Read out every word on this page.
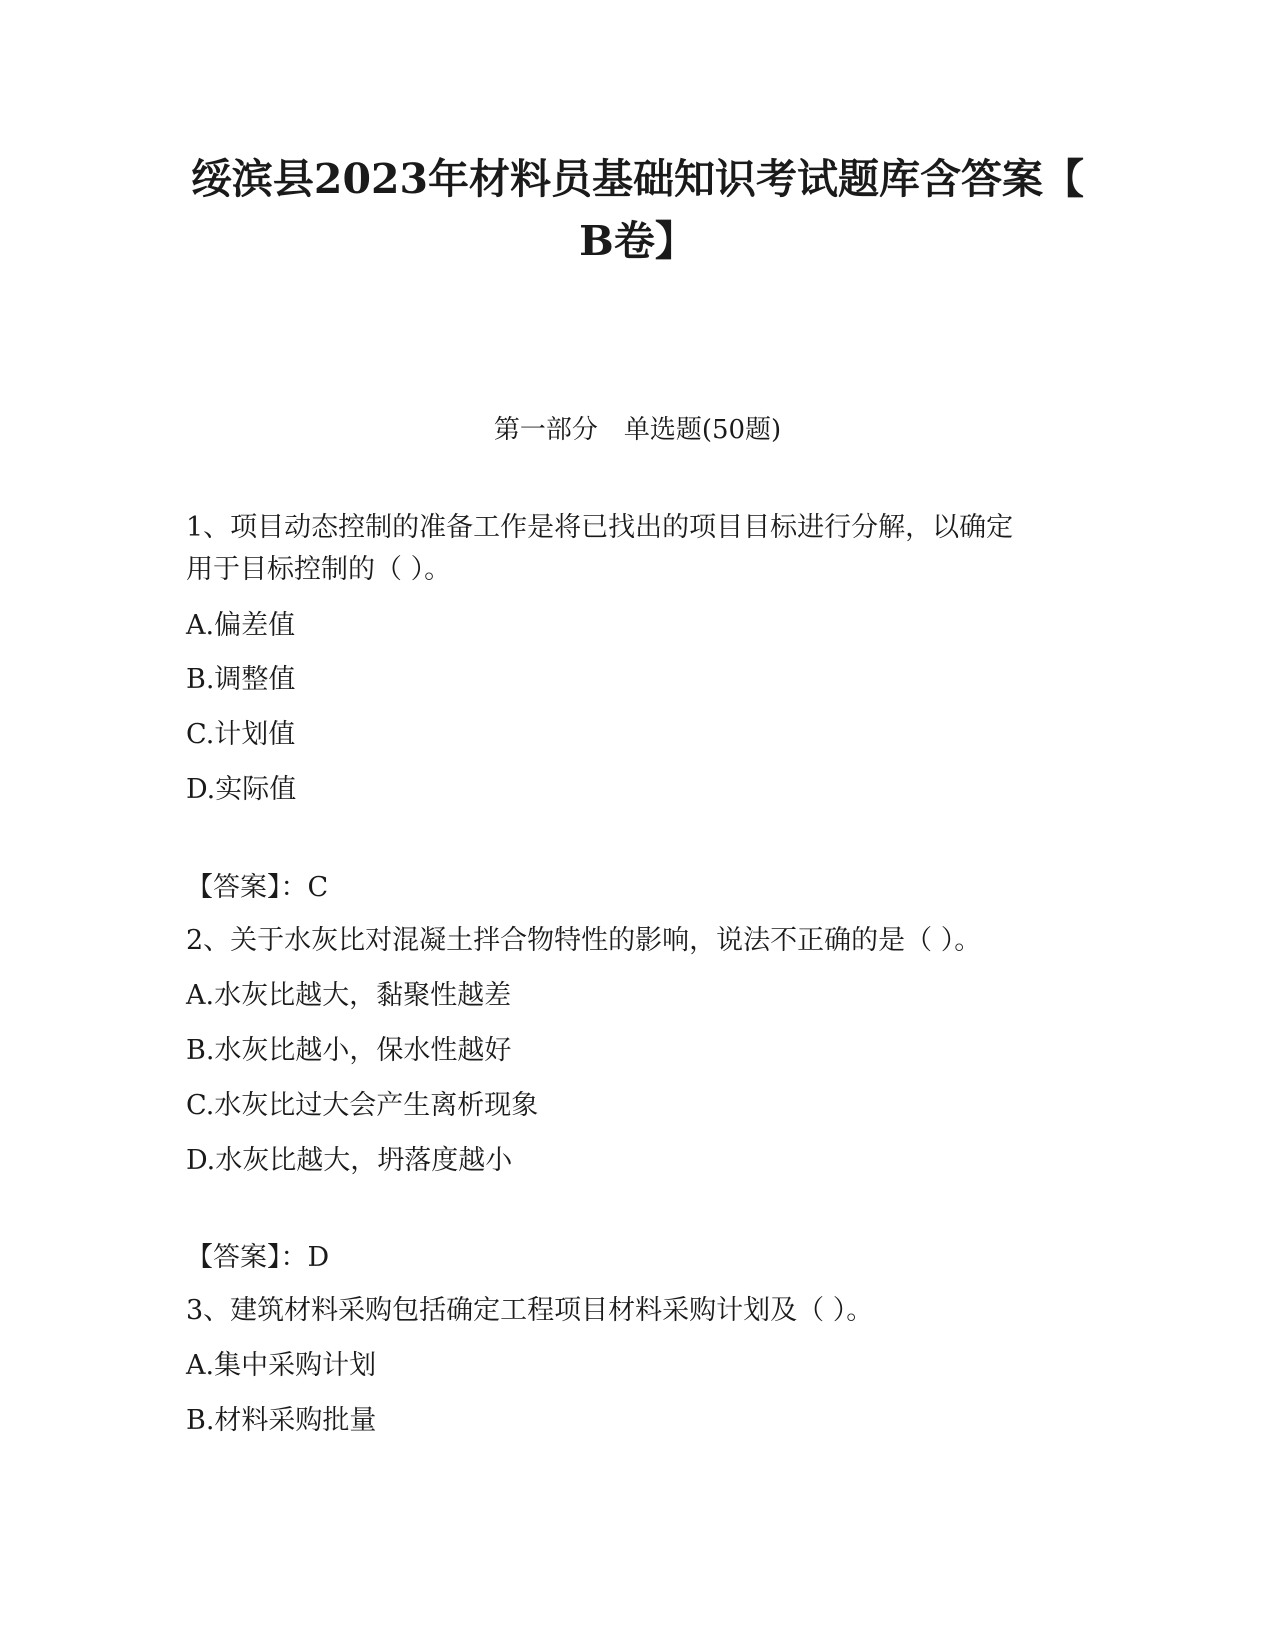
绥滨县2023年材料员基础知识考试题库含答案【
B卷】
第一部分　单选题(50题)
1、项目动态控制的准备工作是将已找出的项目目标进行分解，以确定
用于目标控制的（ ）。
A.偏差值
B.调整值
C.计划值
D.实际值
【答案】：C
2、关于水灰比对混凝土拌合物特性的影响，说法不正确的是（ ）。
A.水灰比越大，黏聚性越差
B.水灰比越小，保水性越好
C.水灰比过大会产生离析现象
D.水灰比越大，坍落度越小
【答案】：D
3、建筑材料采购包括确定工程项目材料采购计划及（ ）。
A.集中采购计划
B.材料采购批量
